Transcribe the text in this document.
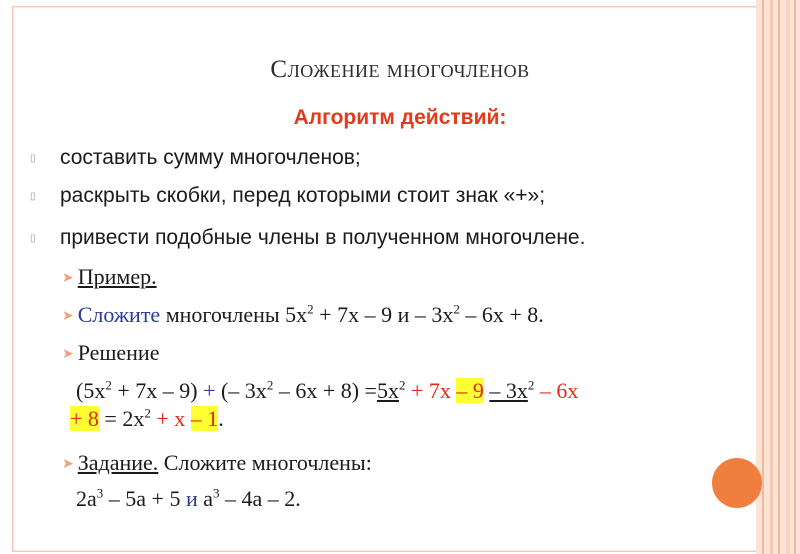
Сложение многочленов
Алгоритм действий:
▯ составить сумму многочленов;
▯ раскрыть скобки, перед которыми стоит знак «+»;
▯ привести подобные члены в полученном многочлене.
➤ Пример.
➤ Сложите многочлены $5х^2 + 7х - 9$ $и - 3х^2 - 6х + 8$.
➤ Решение
$(5х^2 + 7х - 9)$ + (– $3х^2 - 6х + 8) =5х^2 + 7х - 9 - 3х^2 - 6х$
+ $8 = 2х^2 + х - 1$.
➤ Задание. Сложите многочлены:
$2а^3 - 5а + 5$ и $а^3 - 4а - 2$.
